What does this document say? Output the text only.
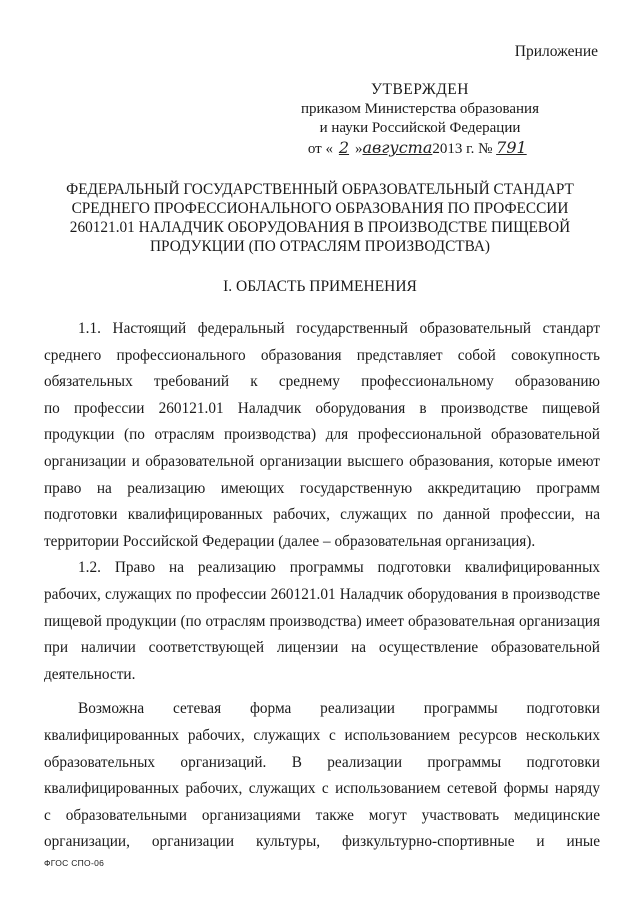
Приложение
УТВЕРЖДЕН
приказом Министерства образования
и науки Российской Федерации
от « 2 »августа2013 г. № 791
ФЕДЕРАЛЬНЫЙ ГОСУДАРСТВЕННЫЙ ОБРАЗОВАТЕЛЬНЫЙ СТАНДАРТ
СРЕДНЕГО ПРОФЕССИОНАЛЬНОГО ОБРАЗОВАНИЯ ПО ПРОФЕССИИ
260121.01 НАЛАДЧИК ОБОРУДОВАНИЯ В ПРОИЗВОДСТВЕ ПИЩЕВОЙ
ПРОДУКЦИИ (ПО ОТРАСЛЯМ ПРОИЗВОДСТВА)
I. ОБЛАСТЬ ПРИМЕНЕНИЯ
1.1. Настоящий федеральный государственный образовательный стандарт
среднего профессионального образования представляет собой совокупность
обязательных требований к среднему профессиональному образованию
по профессии 260121.01 Наладчик оборудования в производстве пищевой
продукции (по отраслям производства) для профессиональной образовательной
организации и образовательной организации высшего образования, которые имеют
право на реализацию имеющих государственную аккредитацию программ
подготовки квалифицированных рабочих, служащих по данной профессии, на
территории Российской Федерации (далее – образовательная организация).
1.2. Право на реализацию программы подготовки квалифицированных
рабочих, служащих по профессии 260121.01 Наладчик оборудования в производстве
пищевой продукции (по отраслям производства) имеет образовательная организация
при наличии соответствующей лицензии на осуществление образовательной
деятельности.
Возможна сетевая форма реализации программы подготовки
квалифицированных рабочих, служащих с использованием ресурсов нескольких
образовательных организаций. В реализации программы подготовки
квалифицированных рабочих, служащих с использованием сетевой формы наряду
с образовательными организациями также могут участвовать медицинские
организации, организации культуры, физкультурно-спортивные и иные
ФГОС СПО-06
